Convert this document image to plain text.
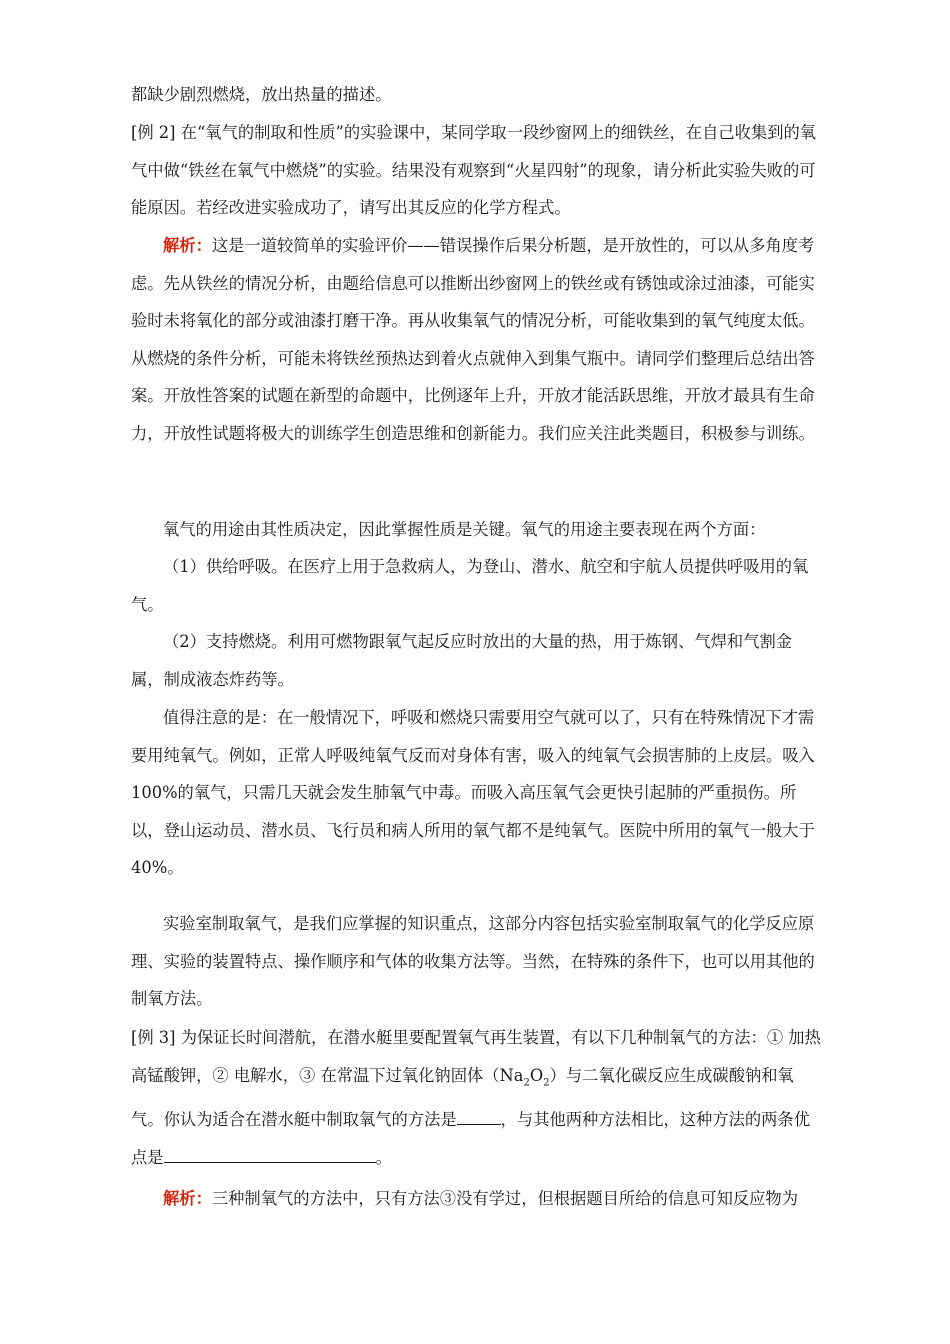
都缺少剧烈燃烧，放出热量的描述。

[例 2] 在“氧气的制取和性质”的实验课中，某同学取一段纱窗网上的细铁丝，在自己收集到的氧气中做“铁丝在氧气中燃烧”的实验。结果没有观察到“火星四射”的现象，请分析此实验失败的可能原因。若经改进实验成功了，请写出其反应的化学方程式。

解析：这是一道较简单的实验评价——错误操作后果分析题，是开放性的，可以从多角度考虑。先从铁丝的情况分析，由题给信息可以推断出纱窗网上的铁丝或有锈蚀或涂过油漆，可能实验时未将氧化的部分或油漆打磨干净。再从收集氧气的情况分析，可能收集到的氧气纯度太低。从燃烧的条件分析，可能未将铁丝预热达到着火点就伸入到集气瓶中。请同学们整理后总结出答案。开放性答案的试题在新型的命题中，比例逐年上升，开放才能活跃思维，开放才最具有生命力，开放性试题将极大的训练学生创造思维和创新能力。我们应关注此类题目，积极参与训练。

氧气的用途由其性质决定，因此掌握性质是关键。氧气的用途主要表现在两个方面：

（1）供给呼吸。在医疗上用于急救病人，为登山、潜水、航空和宇航人员提供呼吸用的氧气。

（2）支持燃烧。利用可燃物跟氧气起反应时放出的大量的热，用于炼钢、气焊和气割金属，制成液态炸药等。

值得注意的是：在一般情况下，呼吸和燃烧只需要用空气就可以了，只有在特殊情况下才需要用纯氧气。例如，正常人呼吸纯氧气反而对身体有害，吸入的纯氧气会损害肺的上皮层。吸入 100%的氧气，只需几天就会发生肺氧气中毒。而吸入高压氧气会更快引起肺的严重损伤。所以，登山运动员、潜水员、飞行员和病人所用的氧气都不是纯氧气。医院中所用的氧气一般大于 40%。

实验室制取氧气，是我们应掌握的知识重点，这部分内容包括实验室制取氧气的化学反应原理、实验的装置特点、操作顺序和气体的收集方法等。当然，在特殊的条件下，也可以用其他的制氧方法。

[例 3] 为保证长时间潜航，在潜水艇里要配置氧气再生装置，有以下几种制氧气的方法：① 加热高锰酸钾，② 电解水，③ 在常温下过氧化钠固体$(Na_2O_2)$与二氧化碳反应生成碳酸钠和氧气。你认为适合在潜水艇中制取氧气的方法是	，与其他两种方法相比，这种方法的两条优点是	。

解析：三种制氧气的方法中，只有方法③没有学过，但根据题目所给的信息可知反应物为
